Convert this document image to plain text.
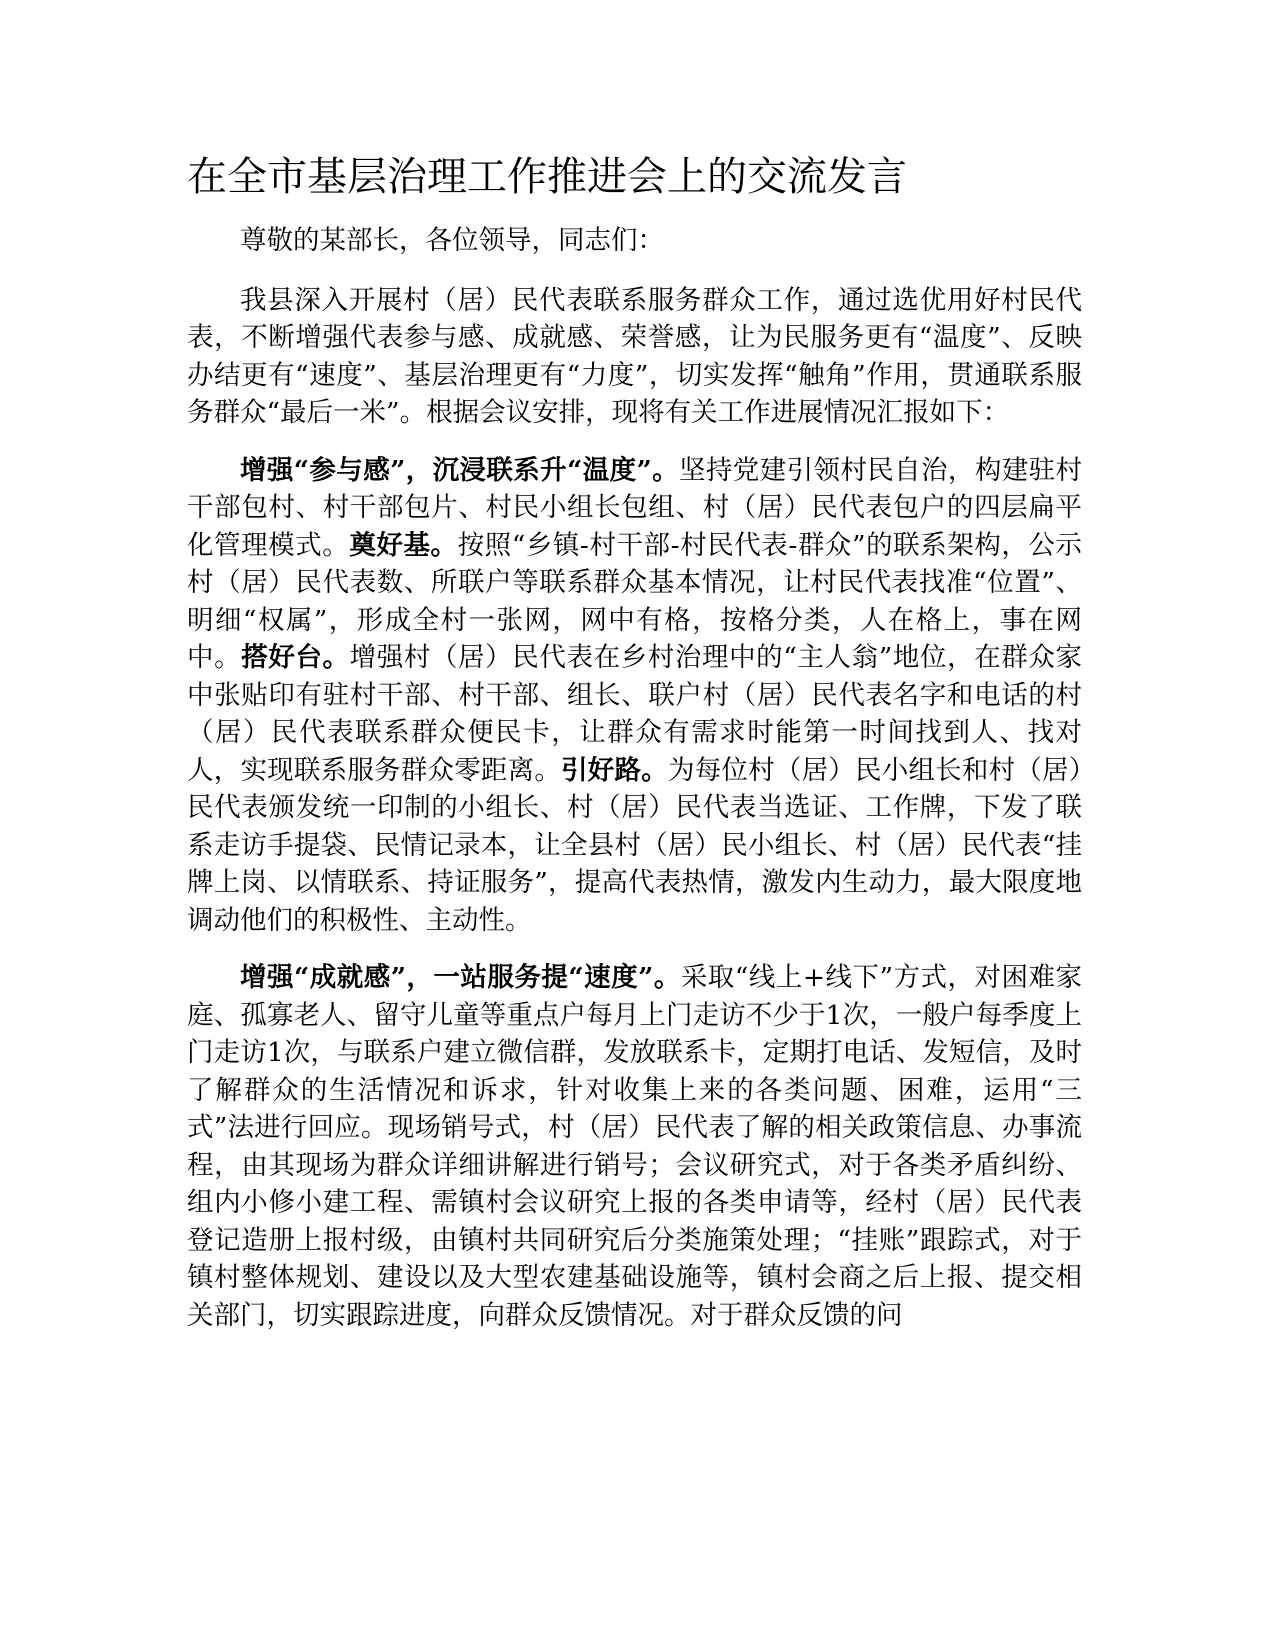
在全市基层治理工作推进会上的交流发言

尊敬的某部长，各位领导，同志们：

我县深入开展村（居）民代表联系服务群众工作，通过选优用好村民代表，不断增强代表参与感、成就感、荣誉感，让为民服务更有“温度”、反映办结更有“速度”、基层治理更有“力度”，切实发挥“触角”作用，贯通联系服务群众“最后一米”。根据会议安排，现将有关工作进展情况汇报如下：

增强“参与感”，沉浸联系升“温度”。坚持党建引领村民自治，构建驻村干部包村、村干部包片、村民小组长包组、村（居）民代表包户的四层扁平化管理模式。奠好基。按照“乡镇-村干部-村民代表-群众”的联系架构，公示村（居）民代表数、所联户等联系群众基本情况，让村民代表找准“位置”、明细“权属”，形成全村一张网，网中有格，按格分类，人在格上，事在网中。搭好台。增强村（居）民代表在乡村治理中的“主人翁”地位，在群众家中张贴印有驻村干部、村干部、组长、联户村（居）民代表名字和电话的村（居）民代表联系群众便民卡，让群众有需求时能第一时间找到人、找对人，实现联系服务群众零距离。引好路。为每位村（居）民小组长和村（居）民代表颁发统一印制的小组长、村（居）民代表当选证、工作牌，下发了联系走访手提袋、民情记录本，让全县村（居）民小组长、村（居）民代表“挂牌上岗、以情联系、持证服务”，提高代表热情，激发内生动力，最大限度地调动他们的积极性、主动性。

增强“成就感”，一站服务提“速度”。采取“线上+线下”方式，对困难家庭、孤寡老人、留守儿童等重点户每月上门走访不少于1次，一般户每季度上门走访1次，与联系户建立微信群，发放联系卡，定期打电话、发短信，及时了解群众的生活情况和诉求，针对收集上来的各类问题、困难，运用“三式”法进行回应。现场销号式，村（居）民代表了解的相关政策信息、办事流程，由其现场为群众详细讲解进行销号；会议研究式，对于各类矛盾纠纷、组内小修小建工程、需镇村会议研究上报的各类申请等，经村（居）民代表登记造册上报村级，由镇村共同研究后分类施策处理；“挂账”跟踪式，对于镇村整体规划、建设以及大型农建基础设施等，镇村会商之后上报、提交相关部门，切实跟踪进度，向群众反馈情况。对于群众反馈的问
